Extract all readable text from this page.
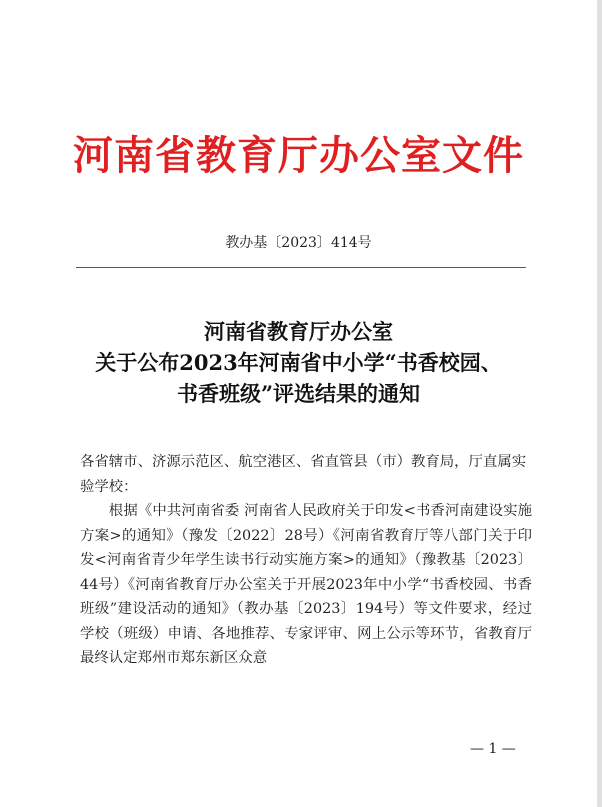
河南省教育厅办公室文件
教办基〔2023〕414号
河南省教育厅办公室
关于公布2023年河南省中小学“书香校园、
书香班级”评选结果的通知

各省辖市、济源示范区、航空港区、省直管县（市）教育局，厅直属实验学校：

根据《中共河南省委 河南省人民政府关于印发<书香河南建设实施方案>的通知》（豫发〔2022〕28号）《河南省教育厅等八部门关于印发<河南省青少年学生读书行动实施方案>的通知》（豫教基〔2023〕44号）《河南省教育厅办公室关于开展2023年中小学“书香校园、书香班级”建设活动的通知》（教办基〔2023〕194号）等文件要求，经过学校（班级）申请、各地推荐、专家评审、网上公示等环节，省教育厅最终认定郑州市郑东新区众意

— 1 —
